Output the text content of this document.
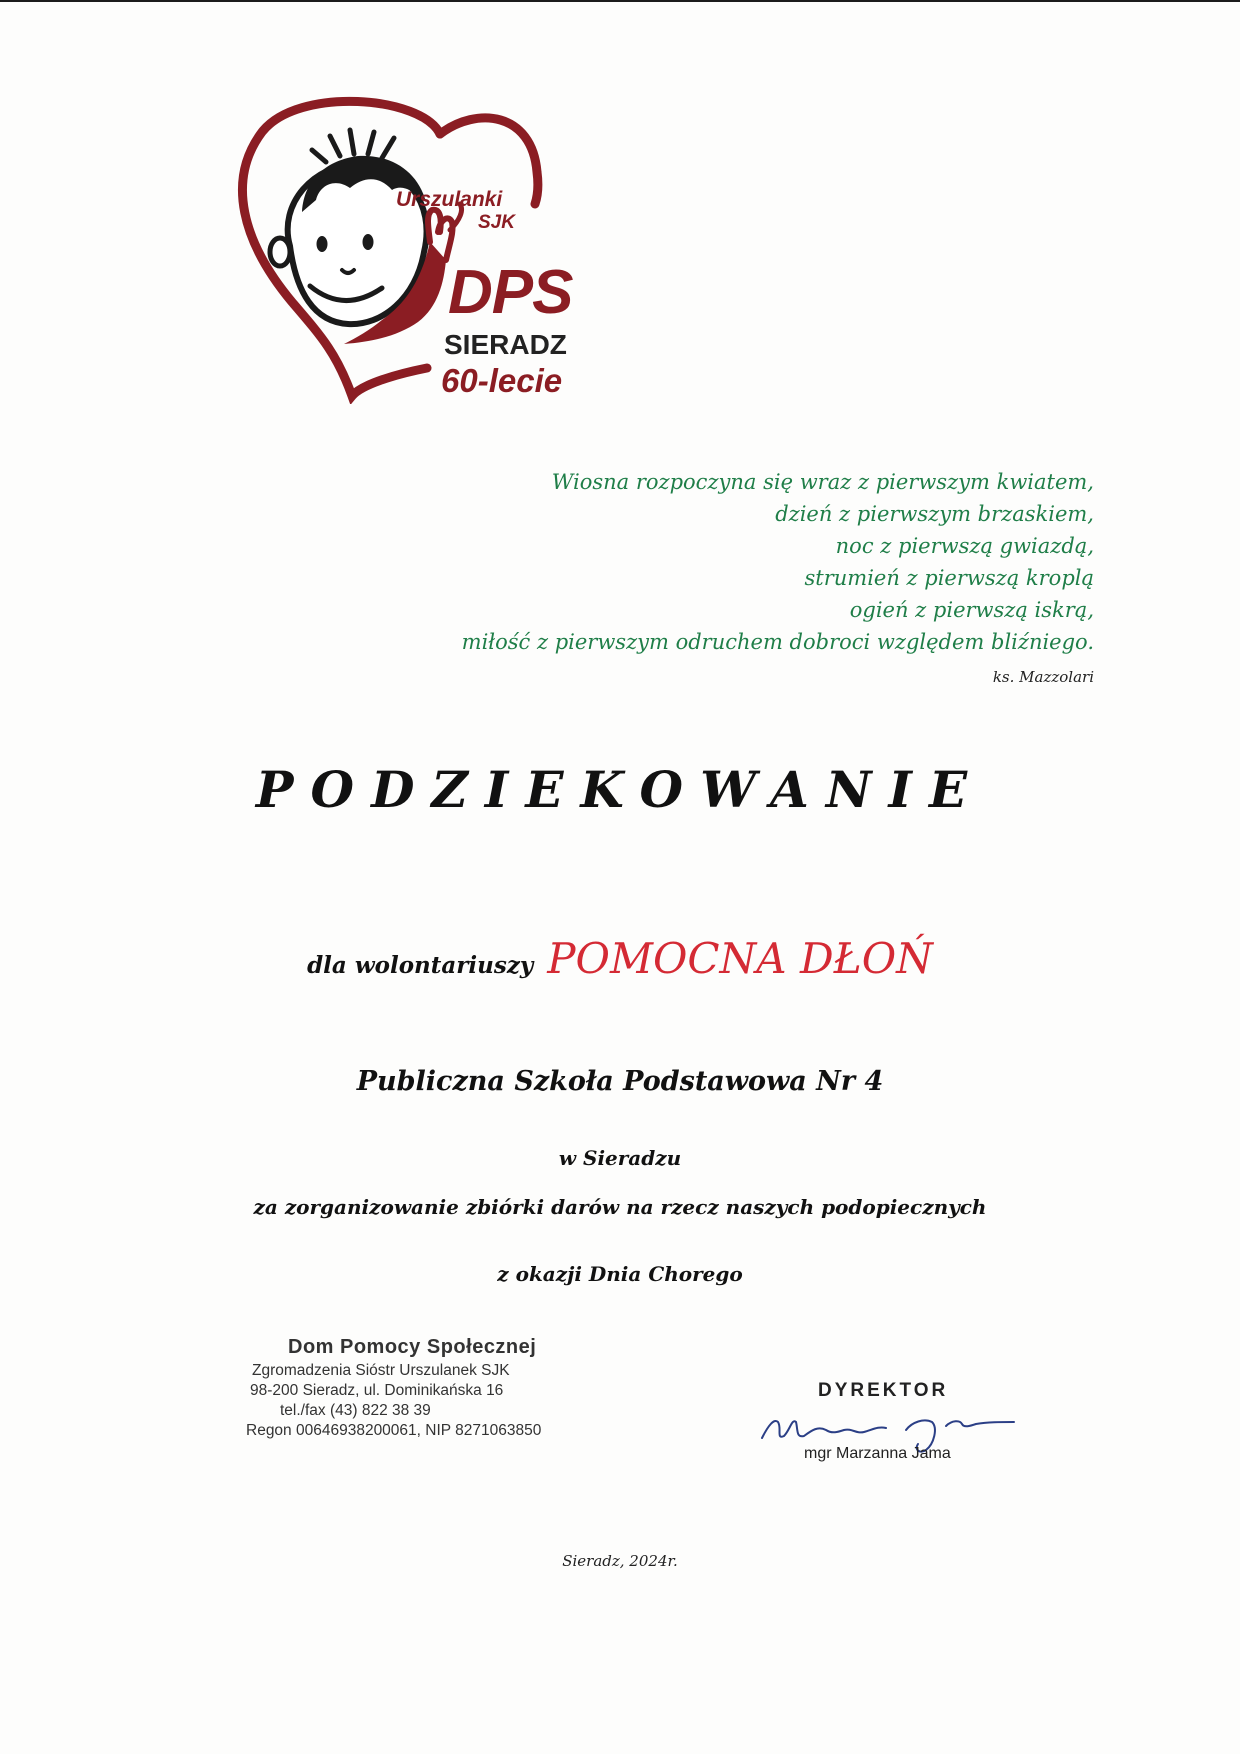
Urszulanki
SJK
DPS
SIERADZ
60-lecie
Wiosna rozpoczyna się wraz z pierwszym kwiatem,
dzień z pierwszym brzaskiem,
noc z pierwszą gwiazdą,
strumień z pierwszą kroplą
ogień z pierwszą iskrą,
miłość z pierwszym odruchem dobroci względem bliźniego.
ks. Mazzolari
PODZIEKOWANIE
dla wolontariuszy POMOCNA DŁOŃ
Publiczna Szkoła Podstawowa Nr 4
w Sieradzu
za zorganizowanie zbiórki darów na rzecz naszych podopiecznych
z okazji Dnia Chorego
Dom Pomocy Społecznej
Zgromadzenia Sióstr Urszulanek SJK
98-200 Sieradz, ul. Dominikańska 16
tel./fax (43) 822 38 39
Regon 00646938200061, NIP 8271063850
DYREKTOR
mgr Marzanna Jama
Sieradz, 2024r.
